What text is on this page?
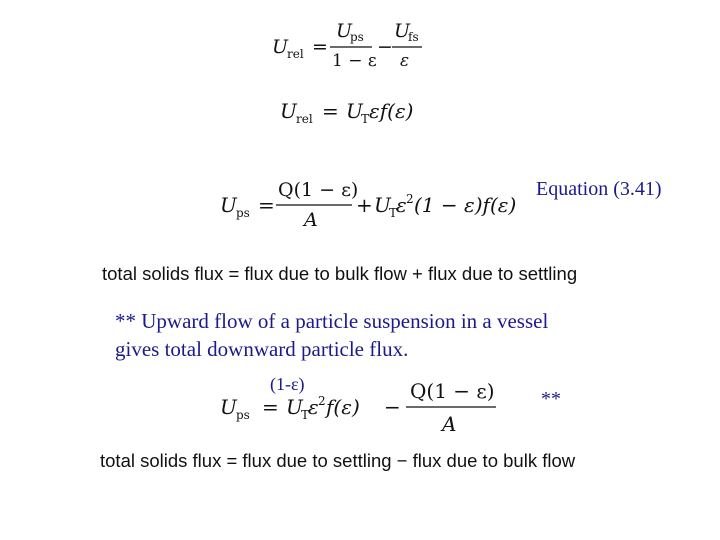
U
rel =
U
ps
1 − ε
−
U
fs
ε
U rel = U
T εf(ε)
U ps =
Q(1 − ε)
A
+ U
T
ε 2 (1 − ε)f(ε)
Equation (3.41)
total solids flux = flux due to bulk flow + flux due to settling
** Upward flow of a particle suspension in a vessel
gives total downward particle flux.
(1-ε)
U ps = U
T
ε 2 f(ε) −
Q(1 − ε)
A
**
total solids flux = flux due to settling − flux due to bulk flow
